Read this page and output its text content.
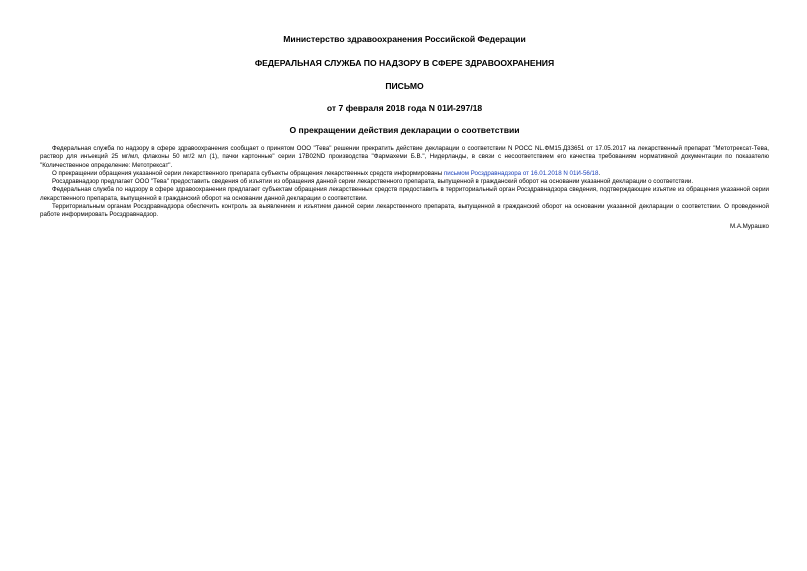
Министерство здравоохранения Российской Федерации

ФЕДЕРАЛЬНАЯ СЛУЖБА ПО НАДЗОРУ В СФЕРЕ ЗДРАВООХРАНЕНИЯ

ПИСЬМО

от 7 февраля 2018 года N 01И-297/18

О прекращении действия декларации о соответствии

Федеральная служба по надзору в сфере здравоохранения сообщает о принятом ООО "Тева" решении прекратить действие декларации о соответствии N РОСС NL.ФМ15.Д33651 от 17.05.2017 на лекарственный препарат "Метотрексат-Тева, раствор для инъекций 25 мг/мл, флаконы 50 мг/2 мл (1), пачки картонные" серии 17В02ND производства "Фармахеми Б.В.", Нидерланды, в связи с несоответствием его качества требованиям нормативной документации по показателю "Количественное определение: Метотрексат".

О прекращении обращения указанной серии лекарственного препарата субъекты обращения лекарственных средств информированы письмом Росздравнадзора от 16.01.2018 N 01И-56/18.

Росздравнадзор предлагает ООО "Тева" предоставить сведения об изъятии из обращения данной серии лекарственного препарата, выпущенной в гражданский оборот на основании указанной декларации о соответствии.

Федеральная служба по надзору в сфере здравоохранения предлагает субъектам обращения лекарственных средств предоставить в территориальный орган Росздравнадзора сведения, подтверждающие изъятие из обращения указанной серии лекарственного препарата, выпущенной в гражданский оборот на основании данной декларации о соответствии.

Территориальным органам Росздравнадзора обеспечить контроль за выявлением и изъятием данной серии лекарственного препарата, выпущенной в гражданский оборот на основании указанной декларации о соответствии. О проведенной работе информировать Росздравнадзор.

М.А.Мурашко
